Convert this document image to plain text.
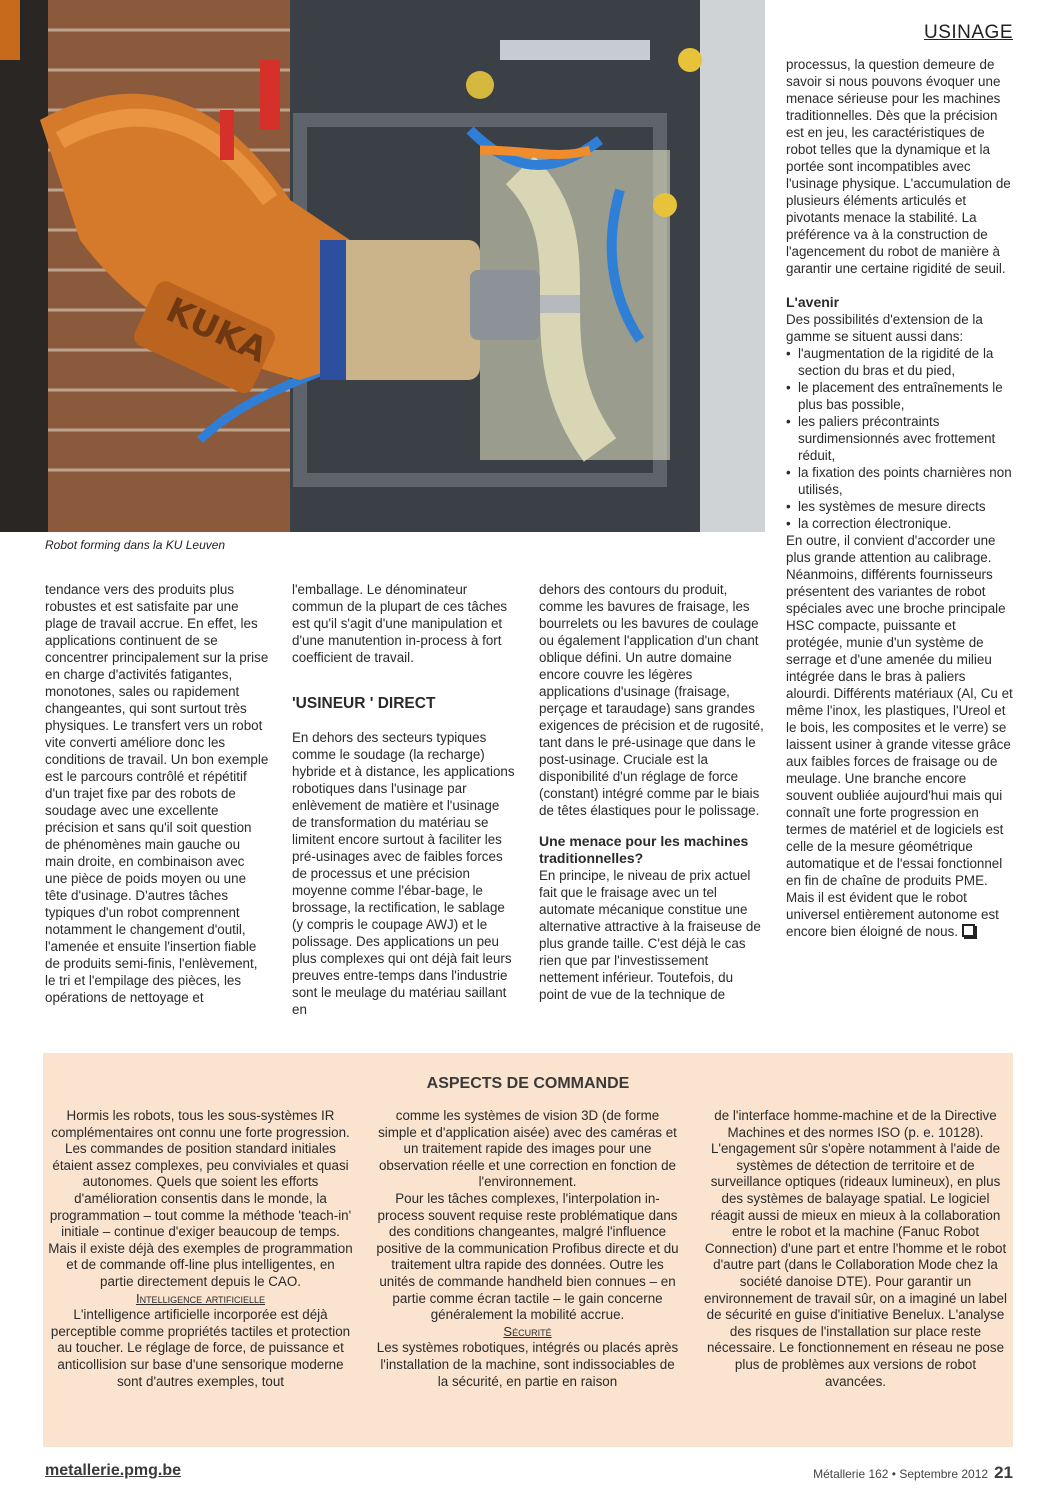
KUKA
Robot forming dans la KU Leuven
USINAGE

tendance vers des produits plus robustes et est satisfaite par une plage de travail accrue. En effet, les applications continuent de se concentrer principalement sur la prise en charge d'activités fatigantes, monotones, sales ou rapidement changeantes, qui sont surtout très physiques. Le transfert vers un robot vite converti améliore donc les conditions de travail. Un bon exemple est le parcours contrôlé et répétitif d'un trajet fixe par des robots de soudage avec une excellente précision et sans qu'il soit question de phénomènes main gauche ou main droite, en combinaison avec une pièce de poids moyen ou une tête d'usinage. D'autres tâches typiques d'un robot comprennent notamment le changement d'outil, l'amenée et ensuite l'insertion fiable de produits semi-finis, l'enlèvement, le tri et l'empilage des pièces, les opérations de nettoyage et

l'emballage. Le dénominateur commun de la plupart de ces tâches est qu'il s'agit d'une manipulation et d'une manutention in-process à fort coefficient de travail.

'USINEUR ' DIRECT

En dehors des secteurs typiques comme le soudage (la recharge) hybride et à distance, les applications robotiques dans l'usinage par enlèvement de matière et l'usinage de transformation du matériau se limitent encore surtout à faciliter les pré-usinages avec de faibles forces de processus et une précision moyenne comme l'ébar-bage, le brossage, la rectification, le sablage (y compris le coupage AWJ) et le polissage. Des applications un peu plus complexes qui ont déjà fait leurs preuves entre-temps dans l'industrie sont le meulage du matériau saillant en

dehors des contours du produit, comme les bavures de fraisage, les bourrelets ou les bavures de coulage ou également l'application d'un chant oblique défini. Un autre domaine encore couvre les légères applications d'usinage (fraisage, perçage et taraudage) sans grandes exigences de précision et de rugosité, tant dans le pré-usinage que dans le post-usinage. Cruciale est la disponibilité d'un réglage de force (constant) intégré comme par le biais de têtes élastiques pour le polissage.

Une menace pour les machines traditionnelles?

En principe, le niveau de prix actuel fait que le fraisage avec un tel automate mécanique constitue une alternative attractive à la fraiseuse de plus grande taille. C'est déjà le cas rien que par l'investissement nettement inférieur. Toutefois, du point de vue de la technique de

processus, la question demeure de savoir si nous pouvons évoquer une menace sérieuse pour les machines traditionnelles. Dès que la précision est en jeu, les caractéristiques de robot telles que la dynamique et la portée sont incompatibles avec l'usinage physique. L'accumulation de plusieurs éléments articulés et pivotants menace la stabilité. La préférence va à la construction de l'agencement du robot de manière à garantir une certaine rigidité de seuil.

L'avenir

Des possibilités d'extension de la gamme se situent aussi dans:

• l'augmentation de la rigidité de la section du bras et du pied,
• le placement des entraînements le plus bas possible,
• les paliers précontraints surdimensionnés avec frottement réduit,
• la fixation des points charnières non utilisés,
• les systèmes de mesure directs
• la correction électronique.

En outre, il convient d'accorder une plus grande attention au calibrage. Néanmoins, différents fournisseurs présentent des variantes de robot spéciales avec une broche principale HSC compacte, puissante et protégée, munie d'un système de serrage et d'une amenée du milieu intégrée dans le bras à paliers alourdi. Différents matériaux (Al, Cu et même l'inox, les plastiques, l'Ureol et le bois, les composites et le verre) se laissent usiner à grande vitesse grâce aux faibles forces de fraisage ou de meulage. Une branche encore souvent oubliée aujourd'hui mais qui connaît une forte progression en termes de matériel et de logiciels est celle de la mesure géométrique automatique et de l'essai fonctionnel en fin de chaîne de produits PME. Mais il est évident que le robot universel entièrement autonome est encore bien éloigné de nous.

ASPECTS DE COMMANDE

Hormis les robots, tous les sous-systèmes IR complémentaires ont connu une forte progression. Les commandes de position standard initiales étaient assez complexes, peu conviviales et quasi autonomes. Quels que soient les efforts d'amélioration consentis dans le monde, la programmation – tout comme la méthode 'teach-in' initiale – continue d'exiger beaucoup de temps. Mais il existe déjà des exemples de programmation et de commande off-line plus intelligentes, en partie directement depuis le CAO.

Intelligence artificielle

L'intelligence artificielle incorporée est déjà perceptible comme propriétés tactiles et protection au toucher. Le réglage de force, de puissance et anticollision sur base d'une sensorique moderne sont d'autres exemples, tout

comme les systèmes de vision 3D (de forme simple et d'application aisée) avec des caméras et un traitement rapide des images pour une observation réelle et une correction en fonction de l'environnement.

Pour les tâches complexes, l'interpolation in-process souvent requise reste problématique dans des conditions changeantes, malgré l'influence positive de la communication Profibus directe et du traitement ultra rapide des données. Outre les unités de commande handheld bien connues – en partie comme écran tactile – le gain concerne généralement la mobilité accrue.

Sécurité

Les systèmes robotiques, intégrés ou placés après l'installation de la machine, sont indissociables de la sécurité, en partie en raison

de l'interface homme-machine et de la Directive Machines et des normes ISO (p. e. 10128).

L'engagement sûr s'opère notamment à l'aide de systèmes de détection de territoire et de surveillance optiques (rideaux lumineux), en plus des systèmes de balayage spatial. Le logiciel réagit aussi de mieux en mieux à la collaboration entre le robot et la machine (Fanuc Robot Connection) d'une part et entre l'homme et le robot d'autre part (dans le Collaboration Mode chez la société danoise DTE). Pour garantir un environnement de travail sûr, on a imaginé un label de sécurité en guise d'initiative Benelux. L'analyse des risques de l'installation sur place reste nécessaire. Le fonctionnement en réseau ne pose plus de problèmes aux versions de robot avancées.

metallerie.pmg.be	Métallerie 162 • Septembre 2012 21
